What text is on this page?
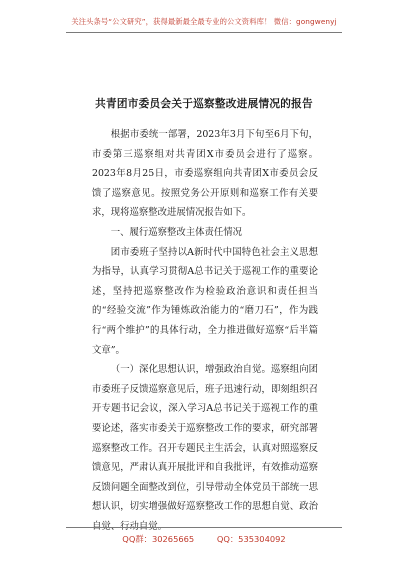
关注头条号“公文研究”，获得最新最全最专业的公文资料库！ 微信：gongwenyj
共青团市委员会关于巡察整改进展情况的报告

根据市委统一部署，2023年3月下旬至6月下旬，市委第三巡察组对共青团X市委员会进行了巡察。2023年8月25日，市委巡察组向共青团X市委员会反馈了巡察意见。按照党务公开原则和巡察工作有关要求，现将巡察整改进展情况报告如下。

一、履行巡察整改主体责任情况

团市委班子坚持以A新时代中国特色社会主义思想为指导，认真学习贯彻A总书记关于巡视工作的重要论述，坚持把巡察整改作为检验政治意识和责任担当的“经验交流”作为锤炼政治能力的“磨刀石”，作为践行“两个维护”的具体行动，全力推进做好巡察“后半篇文章”。

（一）深化思想认识，增强政治自觉。巡察组向团市委班子反馈巡察意见后，班子迅速行动，即刻组织召开专题书记会议，深入学习A总书记关于巡视工作的重要论述，落实市委关于巡察整改工作的要求，研究部署巡察整改工作。召开专题民主生活会，认真对照巡察反馈意见，严肃认真开展批评和自我批评，有效推动巡察反馈问题全面整改到位，引导带动全体党员干部统一思想认识，切实增强做好巡察整改工作的思想自觉、政治

QQ群：30265665	QQ：535304092
